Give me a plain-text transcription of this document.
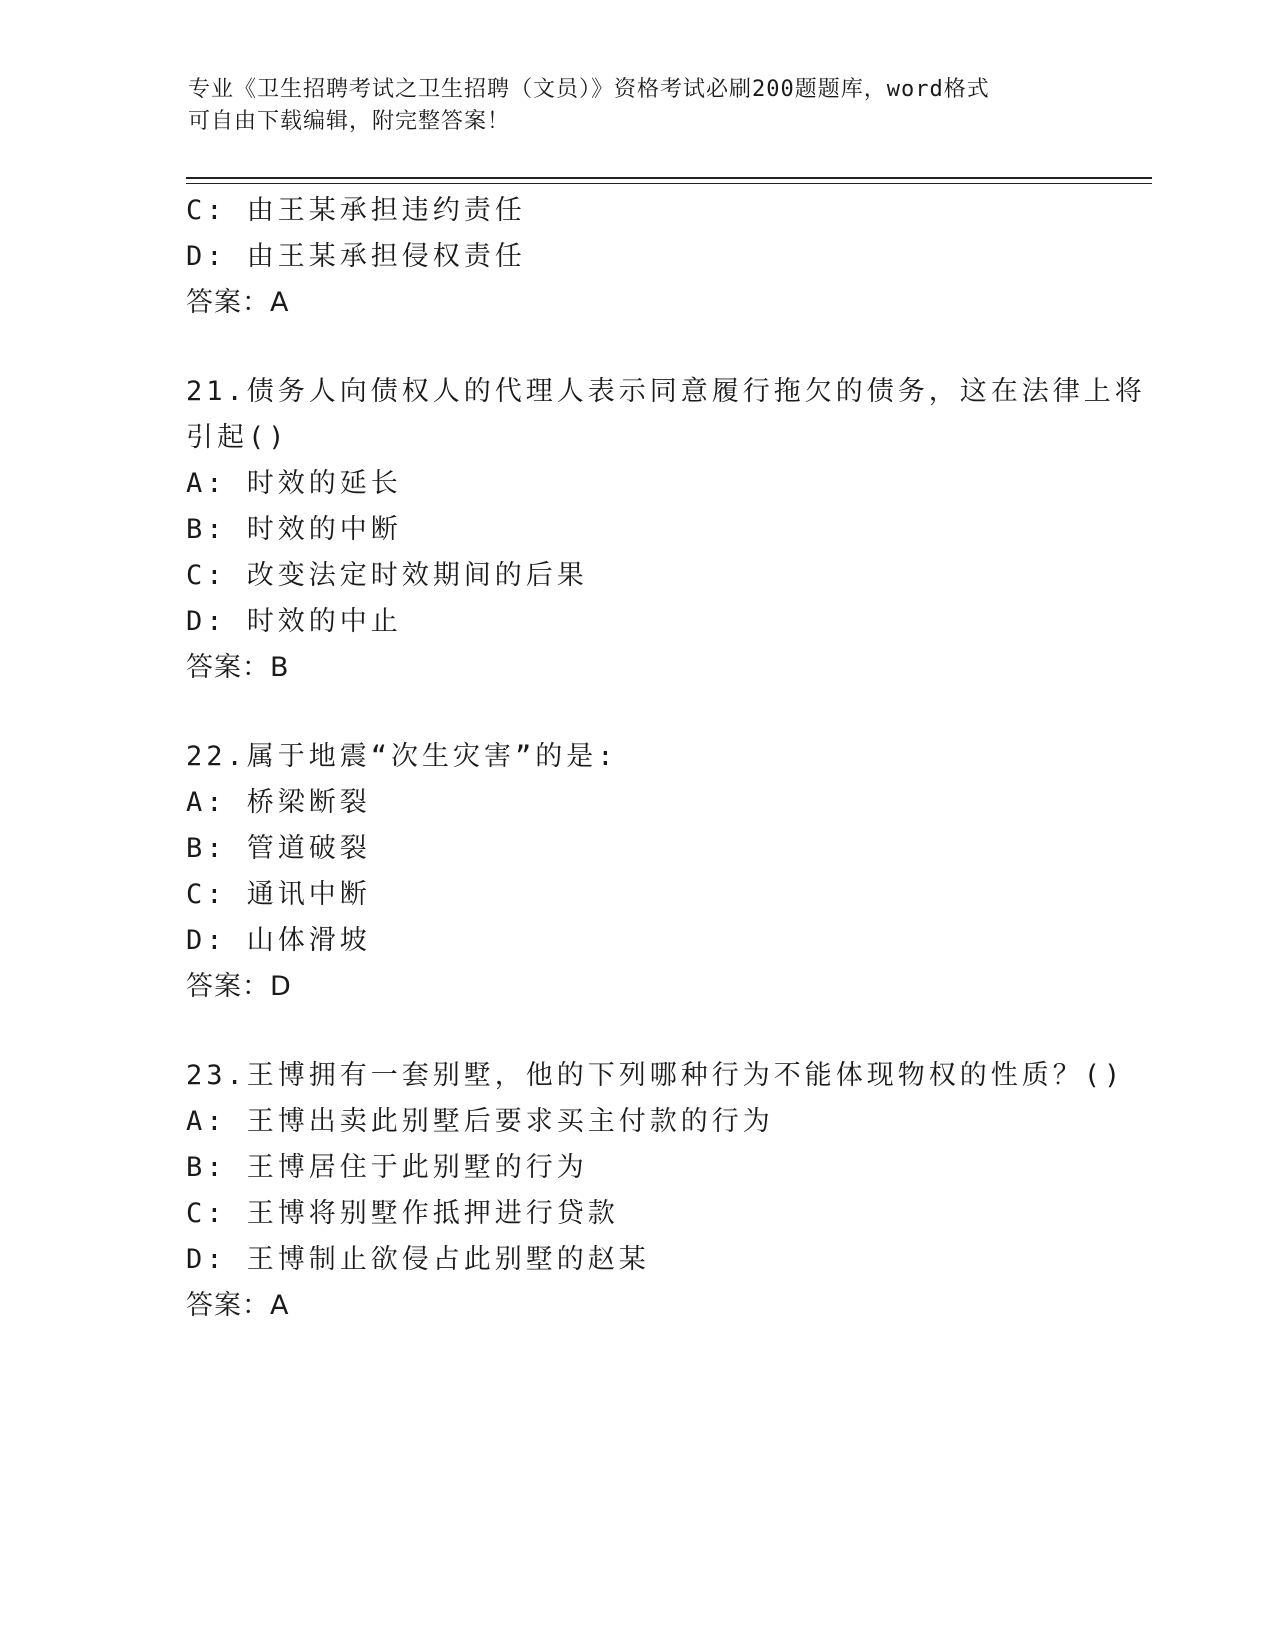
专业《卫生招聘考试之卫生招聘（文员）》资格考试必刷200题题库，word格式
可自由下载编辑，附完整答案！
C: 由王某承担违约责任
D: 由王某承担侵权责任
答案：A
21.债务人向债权人的代理人表示同意履行拖欠的债务，这在法律上将
引起()
A: 时效的延长
B: 时效的中断
C: 改变法定时效期间的后果
D: 时效的中止
答案：B
22.属于地震“次生灾害”的是:
A: 桥梁断裂
B: 管道破裂
C: 通讯中断
D: 山体滑坡
答案：D
23.王博拥有一套别墅，他的下列哪种行为不能体现物权的性质？()
A: 王博出卖此别墅后要求买主付款的行为
B: 王博居住于此别墅的行为
C: 王博将别墅作抵押进行贷款
D: 王博制止欲侵占此别墅的赵某
答案：A
